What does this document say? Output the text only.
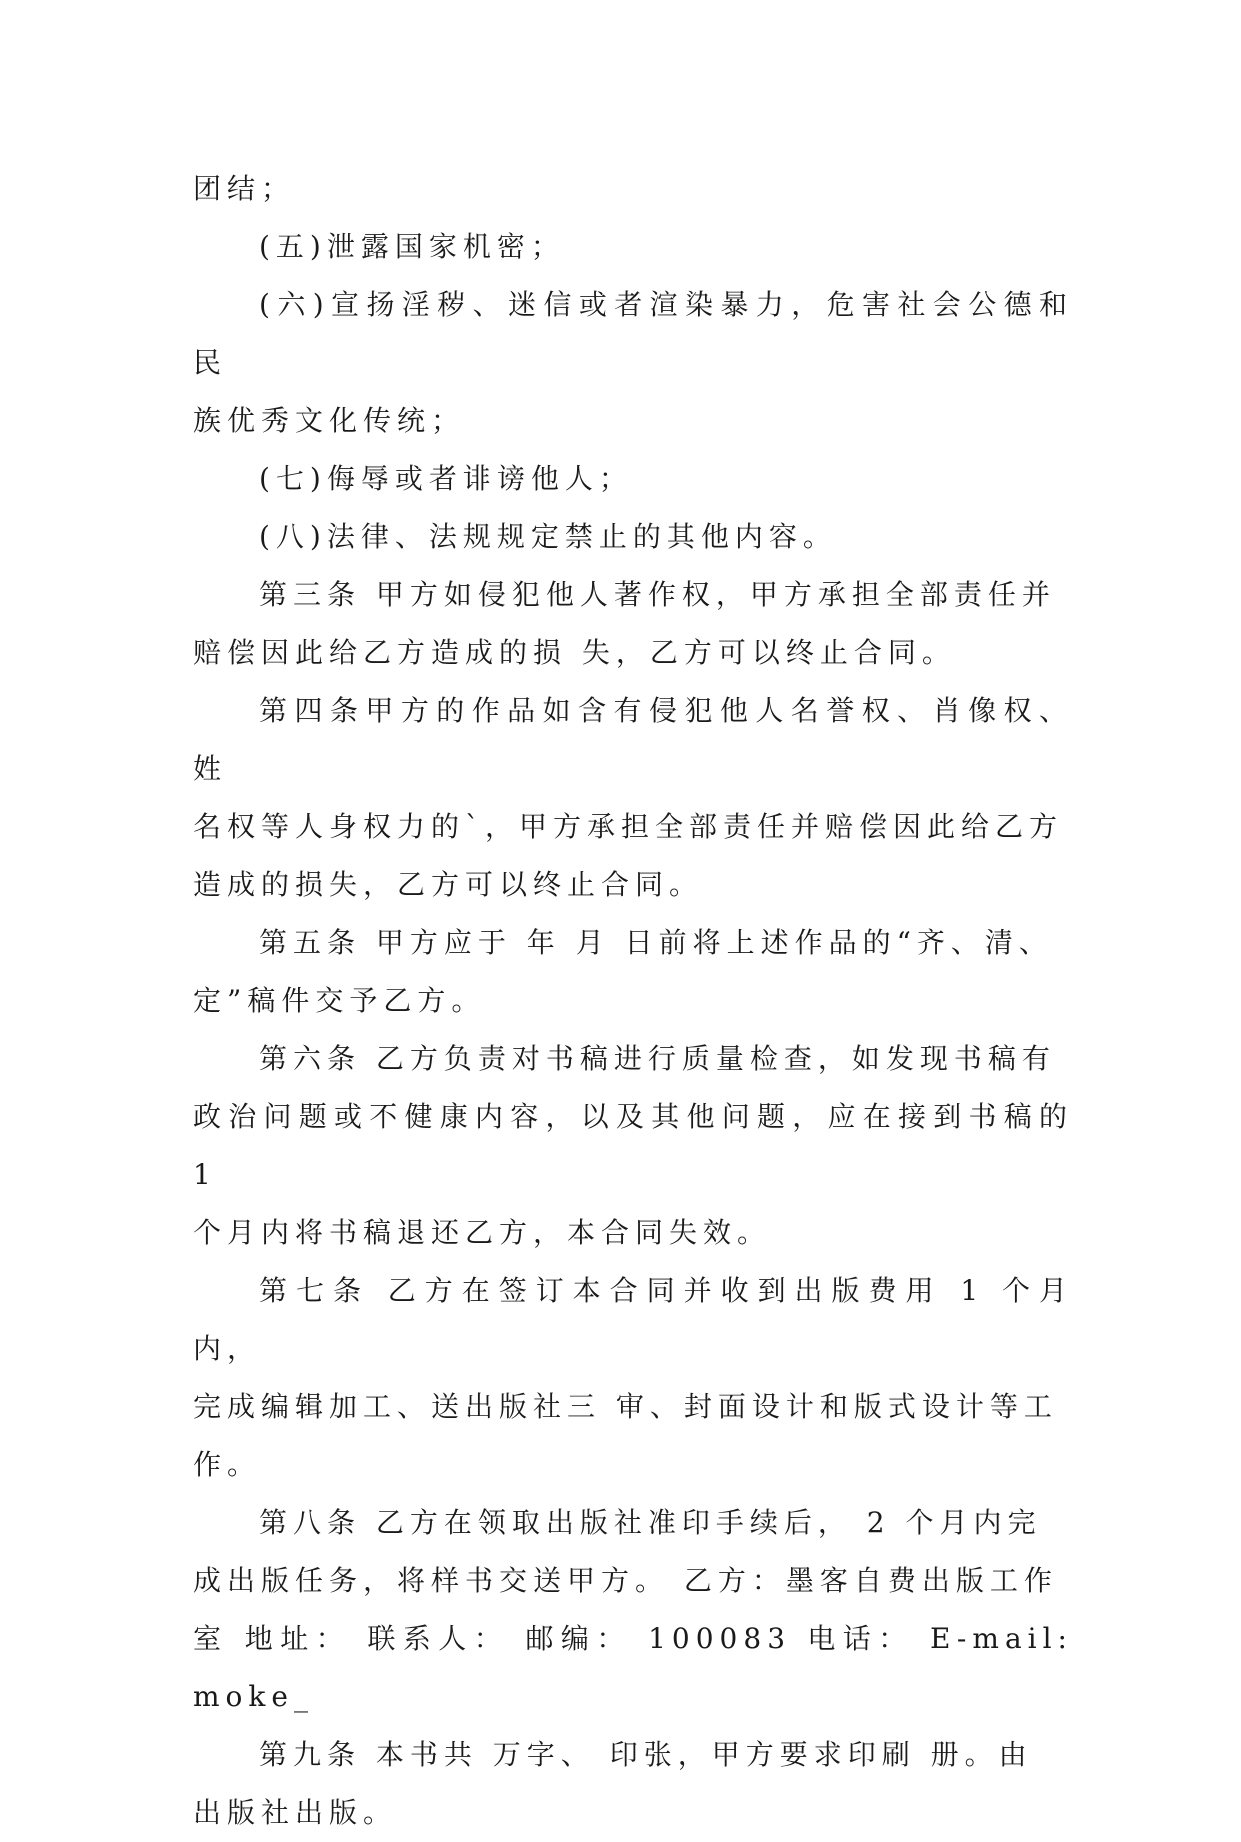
团结；
(五)泄露国家机密；
(六)宣扬淫秽、迷信或者渲染暴力，危害社会公德和民
族优秀文化传统；
(七)侮辱或者诽谤他人；
(八)法律、法规规定禁止的其他内容。
第三条 甲方如侵犯他人著作权，甲方承担全部责任并
赔偿因此给乙方造成的损 失，乙方可以终止合同。
第四条甲方的作品如含有侵犯他人名誉权、肖像权、姓
名权等人身权力的`，甲方承担全部责任并赔偿因此给乙方
造成的损失，乙方可以终止合同。
第五条 甲方应于 年 月 日前将上述作品的“齐、清、
定”稿件交予乙方。
第六条 乙方负责对书稿进行质量检查，如发现书稿有
政治问题或不健康内容，以及其他问题，应在接到书稿的 1
个月内将书稿退还乙方，本合同失效。
第七条 乙方在签订本合同并收到出版费用 1 个月内，
完成编辑加工、送出版社三 审、封面设计和版式设计等工
作。
第八条 乙方在领取出版社准印手续后， 2 个月内完
成出版任务，将样书交送甲方。 乙方：墨客自费出版工作
室 地址： 联系人： 邮编： 100083 电话： E-mail:moke_
第九条 本书共 万字、 印张，甲方要求印刷 册。由
出版社出版。
